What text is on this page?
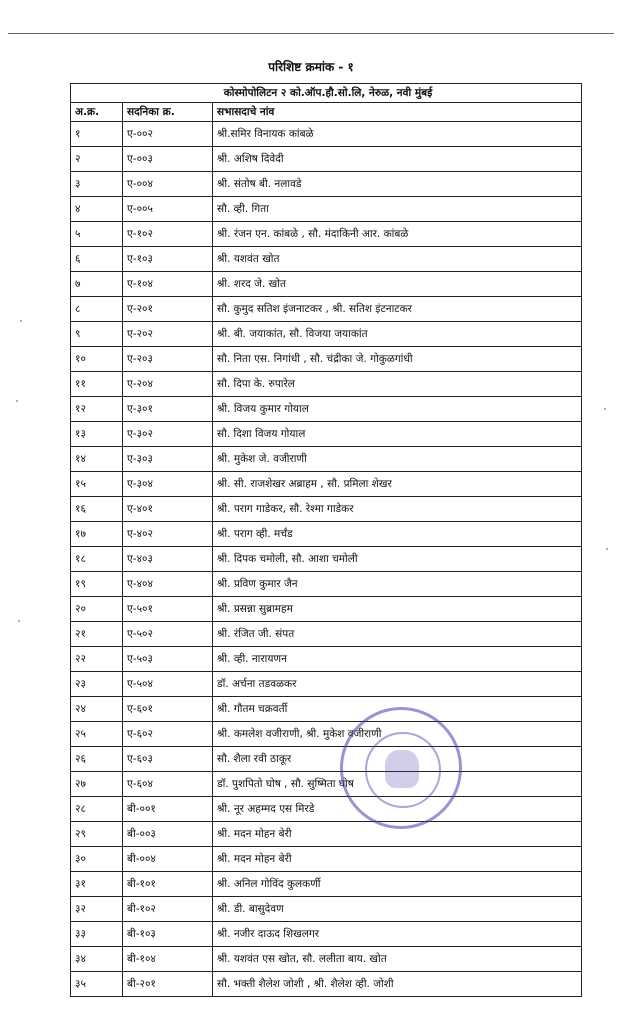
परिशिष्ट क्रमांक - १
कोस्मोपोलिटन २ को.ऑप.हौ.सो.लि, नेरुळ, नवी मुंबई		
अ.क्र.	सदनिका क्र.	सभासदाचे नांव
१	ए-००२	श्री.समिर विनायक कांबळे
२	ए-००३	श्री. अशिष दिवेदी
३	ए-००४	श्री. संतोष बी. नलावडे
४	ए-००५	सौ. व्ही. गिता
५	ए-१०२	श्री. रंजन एन. कांबळे , सौ. मंदाकिनी आर. कांबळे
६	ए-१०३	श्री. यशवंत खोत
७	ए-१०४	श्री. शरद जे. खोत
८	ए-२०१	सौ. कुमुद सतिश इंजनाटकर , श्री. सतिश इंटनाटकर
९	ए-२०२	श्री. बी. जयाकांत, सौ. विजया जयाकांत
१०	ए-२०३	सौ. निता एस. निगांधी , सौ. चंद्रीका जे. गोकुळगांधी
११	ए-२०४	सौ. दिपा के. रुपारेल
१२	ए-३०१	श्री. विजय कुमार गोयाल
१३	ए-३०२	सौ. दिशा विजय गोयाल
१४	ए-३०३	श्री. मुकेश जे. वजीराणी
१५	ए-३०४	श्री. सी. राजशेखर अब्राहम , सौ. प्रमिला शेखर
१६	ए-४०१	श्री. पराग गाडेकर, सौ. रेश्मा गाडेकर
१७	ए-४०२	श्री. पराग व्ही. मर्चंड
१८	ए-४०३	श्री. दिपक चमोली, सौ. आशा चमोली
१९	ए-४०४	श्री. प्रविण कुमार जैन
२०	ए-५०१	श्री. प्रसन्ना सुब्रामहम
२१	ए-५०२	श्री. रंजित जी. संपत
२२	ए-५०३	श्री. व्ही. नारायणन
२३	ए-५०४	डॉ. अर्चना तडवळकर
२४	ए-६०१	श्री. गौतम चक्रवर्ती
२५	ए-६०२	श्री. कमलेश वजीराणी, श्री. मुकेश वजीराणी
२६	ए-६०३	सौ. शैला रवी ठाकूर
२७	ए-६०४	डॉ. पुशपितो घोष , सौ. सुष्मिता घोष
२८	बी-००१	श्री. नूर अहम्मद एस मिरडे
२९	बी-००३	श्री. मदन मोहन बेरी
३०	बी-००४	श्री. मदन मोहन बेरी
३१	बी-१०१	श्री. अनिल गोविंद कुलकर्णी
३२	बी-१०२	श्री. डी. बासुदेवण
३३	बी-१०३	श्री. नजीर दाऊद शिखलगर
३४	बी-१०४	श्री. यशवंत एस खोत, सौ. ललीता बाय. खोत
३५	बी-२०१	सौ. भक्ती शैलेश जोशी , श्री. शैलेश व्ही. जोशी
